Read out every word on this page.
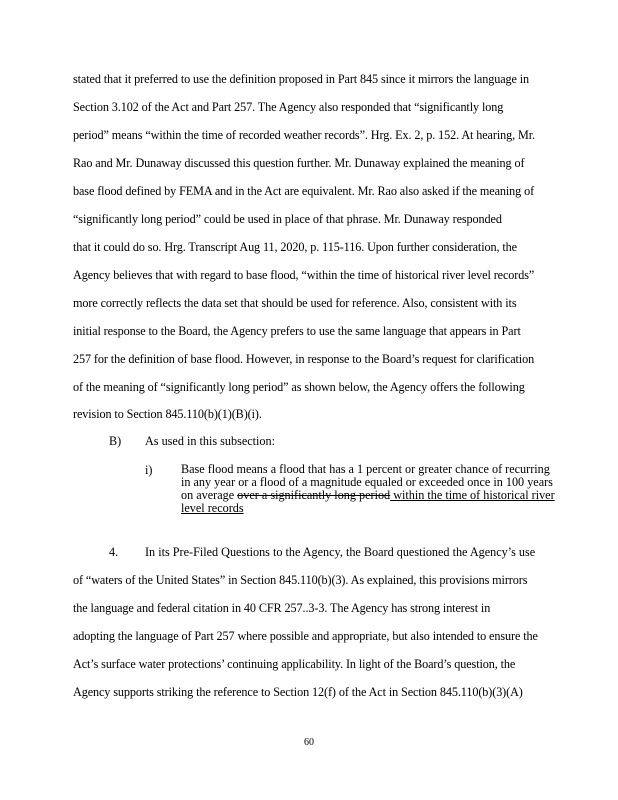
stated that it preferred to use the definition proposed in Part 845 since it mirrors the language in
Section 3.102 of the Act and Part 257. The Agency also responded that “significantly long
period” means “within the time of recorded weather records”. Hrg. Ex. 2, p. 152. At hearing, Mr.
Rao and Mr. Dunaway discussed this question further. Mr. Dunaway explained the meaning of
base flood defined by FEMA and in the Act are equivalent. Mr. Rao also asked if the meaning of
“significantly long period” could be used in place of that phrase. Mr. Dunaway responded
that it could do so. Hrg. Transcript Aug 11, 2020, p. 115-116. Upon further consideration, the
Agency believes that with regard to base flood, “within the time of historical river level records”
more correctly reflects the data set that should be used for reference. Also, consistent with its
initial response to the Board, the Agency prefers to use the same language that appears in Part
257 for the definition of base flood. However, in response to the Board’s request for clarification
of the meaning of “significantly long period” as shown below, the Agency offers the following
revision to Section 845.110(b)(1)(B)(i).
B) As used in this subsection:
i) Base flood means a flood that has a 1 percent or greater chance of recurring
in any year or a flood of a magnitude equaled or exceeded once in 100 years
on average over a significantly long period within the time of historical river
level records
4. In its Pre-Filed Questions to the Agency, the Board questioned the Agency’s use
of “waters of the United States” in Section 845.110(b)(3). As explained, this provisions mirrors
the language and federal citation in 40 CFR 257..3-3. The Agency has strong interest in
adopting the language of Part 257 where possible and appropriate, but also intended to ensure the
Act’s surface water protections’ continuing applicability. In light of the Board’s question, the
Agency supports striking the reference to Section 12(f) of the Act in Section 845.110(b)(3)(A)
60
